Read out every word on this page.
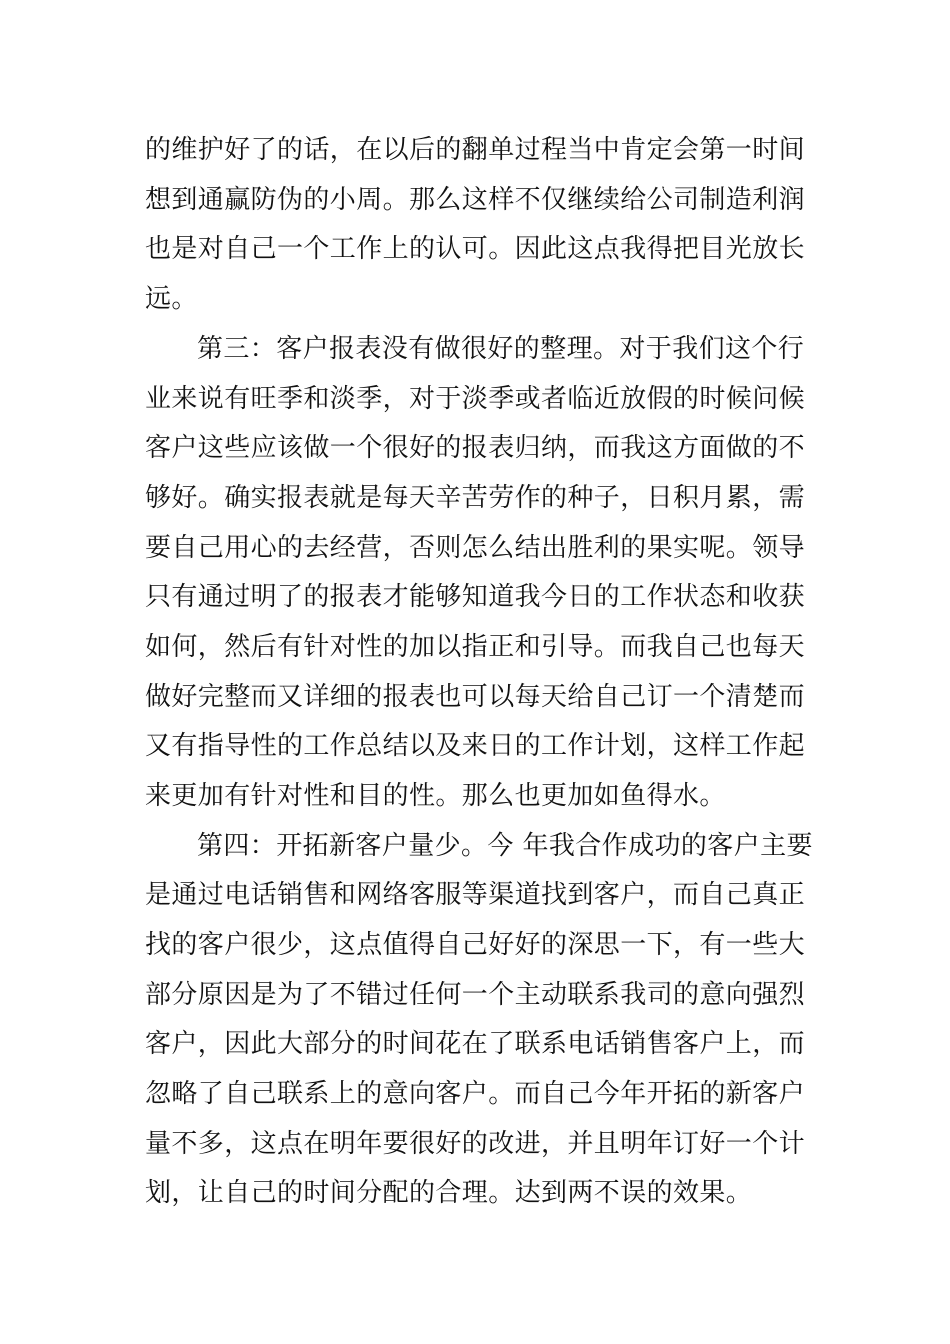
的维护好了的话，在以后的翻单过程当中肯定会第一时间
想到通赢防伪的小周。那么这样不仅继续给公司制造利润
也是对自己一个工作上的认可。因此这点我得把目光放长
远。
第三：客户报表没有做很好的整理。对于我们这个行
业来说有旺季和淡季，对于淡季或者临近放假的时候问候
客户这些应该做一个很好的报表归纳，而我这方面做的不
够好。确实报表就是每天辛苦劳作的种子，日积月累，需
要自己用心的去经营，否则怎么结出胜利的果实呢。领导
只有通过明了的报表才能够知道我今日的工作状态和收获
如何，然后有针对性的加以指正和引导。而我自己也每天
做好完整而又详细的报表也可以每天给自己订一个清楚而
又有指导性的工作总结以及来日的工作计划，这样工作起
来更加有针对性和目的性。那么也更加如鱼得水。
第四：开拓新客户量少。今 年我合作成功的客户主要
是通过电话销售和网络客服等渠道找到客户，而自己真正
找的客户很少，这点值得自己好好的深思一下，有一些大
部分原因是为了不错过任何一个主动联系我司的意向强烈
客户，因此大部分的时间花在了联系电话销售客户上，而
忽略了自己联系上的意向客户。而自己今年开拓的新客户
量不多，这点在明年要很好的改进，并且明年订好一个计
划，让自己的时间分配的合理。达到两不误的效果。
